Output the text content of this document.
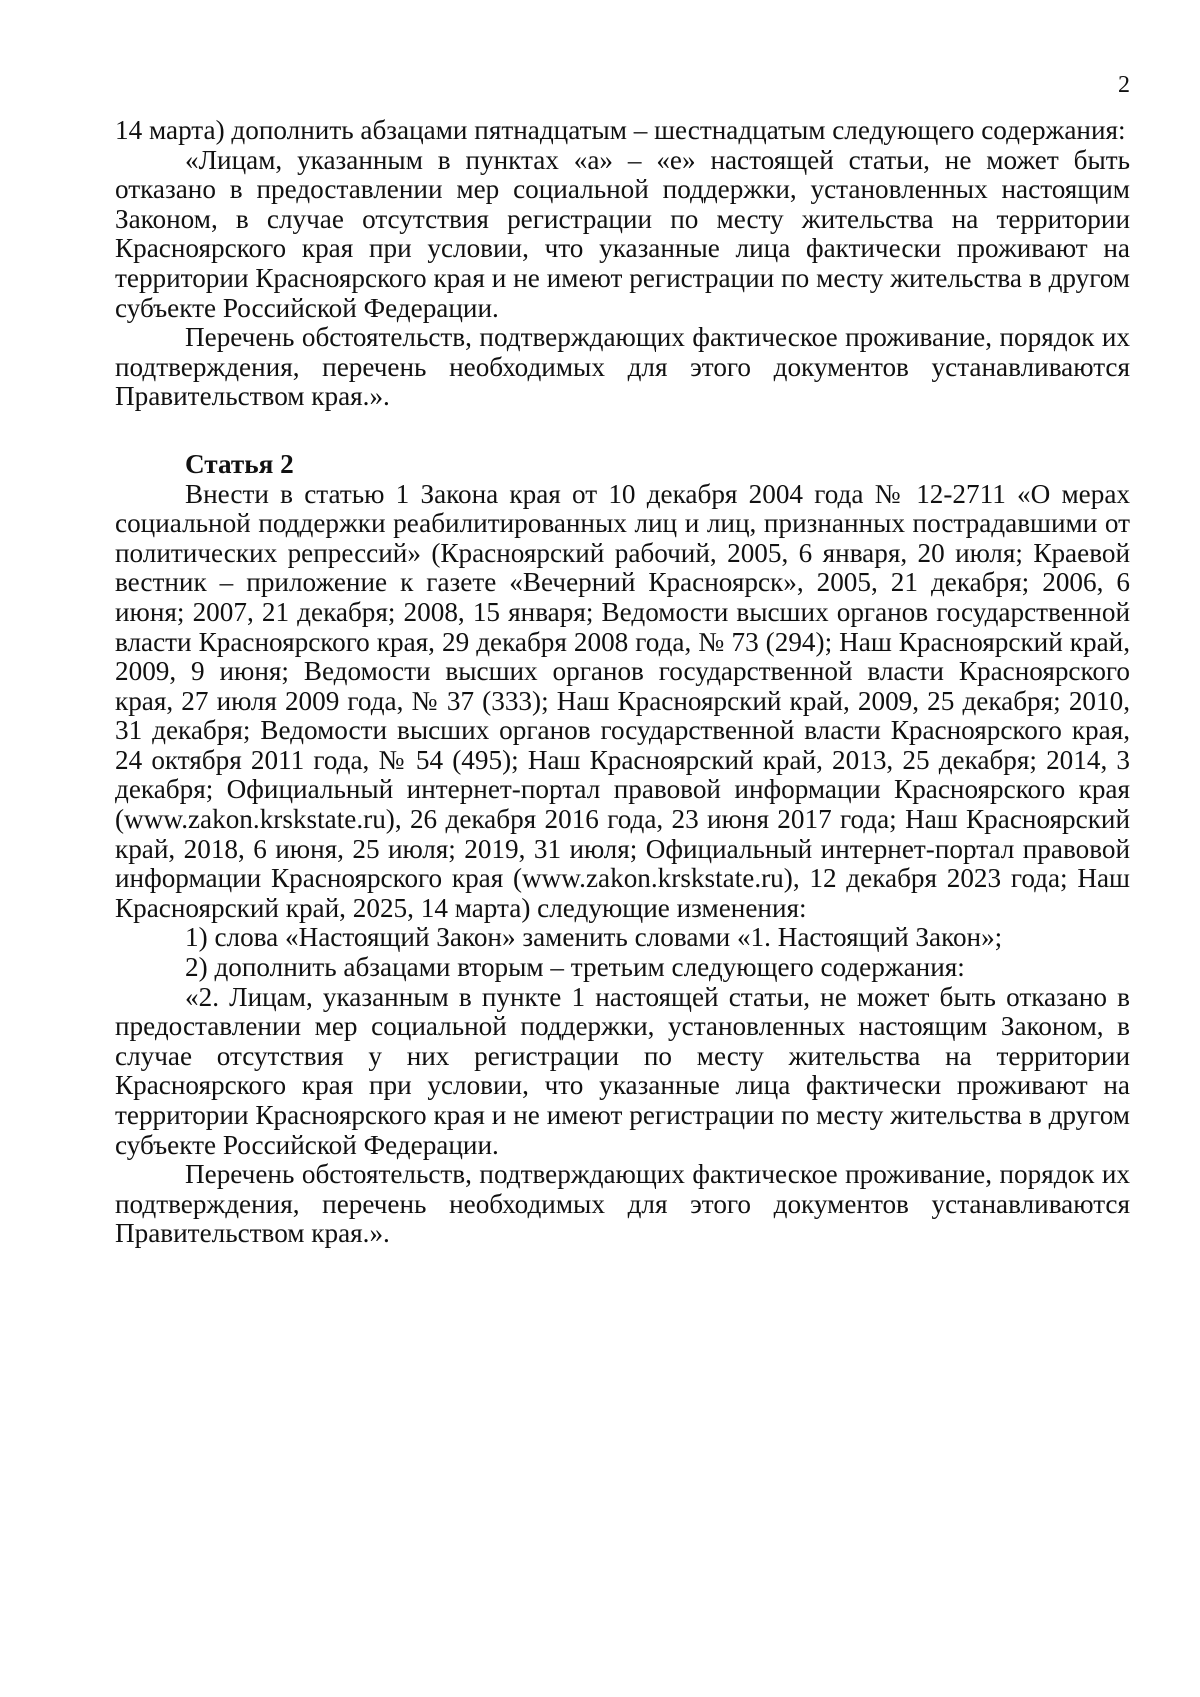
2

14 марта) дополнить абзацами пятнадцатым – шестнадцатым следующего содержания:

«Лицам, указанным в пунктах «а» – «е» настоящей статьи, не может быть отказано в предоставлении мер социальной поддержки, установленных настоящим Законом, в случае отсутствия регистрации по месту жительства на территории Красноярского края при условии, что указанные лица фактически проживают на территории Красноярского края и не имеют регистрации по месту жительства в другом субъекте Российской Федерации.

Перечень обстоятельств, подтверждающих фактическое проживание, порядок их подтверждения, перечень необходимых для этого документов устанавливаются Правительством края.».

Статья 2

Внести в статью 1 Закона края от 10 декабря 2004 года № 12-2711 «О мерах социальной поддержки реабилитированных лиц и лиц, признанных пострадавшими от политических репрессий» (Красноярский рабочий, 2005, 6 января, 20 июля; Краевой вестник – приложение к газете «Вечерний Красноярск», 2005, 21 декабря; 2006, 6 июня; 2007, 21 декабря; 2008, 15 января; Ведомости высших органов государственной власти Красноярского края, 29 декабря 2008 года, № 73 (294); Наш Красноярский край, 2009, 9 июня; Ведомости высших органов государственной власти Красноярского края, 27 июля 2009 года, № 37 (333); Наш Красноярский край, 2009, 25 декабря; 2010, 31 декабря; Ведомости высших органов государственной власти Красноярского края, 24 октября 2011 года, № 54 (495); Наш Красноярский край, 2013, 25 декабря; 2014, 3 декабря; Официальный интернет-портал правовой информации Красноярского края (www.zakon.krskstate.ru), 26 декабря 2016 года, 23 июня 2017 года; Наш Красноярский край, 2018, 6 июня, 25 июля; 2019, 31 июля; Официальный интернет-портал правовой информации Красноярского края (www.zakon.krskstate.ru), 12 декабря 2023 года; Наш Красноярский край, 2025, 14 марта) следующие изменения:

1) слова «Настоящий Закон» заменить словами «1. Настоящий Закон»;

2) дополнить абзацами вторым – третьим следующего содержания:

«2. Лицам, указанным в пункте 1 настоящей статьи, не может быть отказано в предоставлении мер социальной поддержки, установленных настоящим Законом, в случае отсутствия у них регистрации по месту жительства на территории Красноярского края при условии, что указанные лица фактически проживают на территории Красноярского края и не имеют регистрации по месту жительства в другом субъекте Российской Федерации.

Перечень обстоятельств, подтверждающих фактическое проживание, порядок их подтверждения, перечень необходимых для этого документов устанавливаются Правительством края.».
